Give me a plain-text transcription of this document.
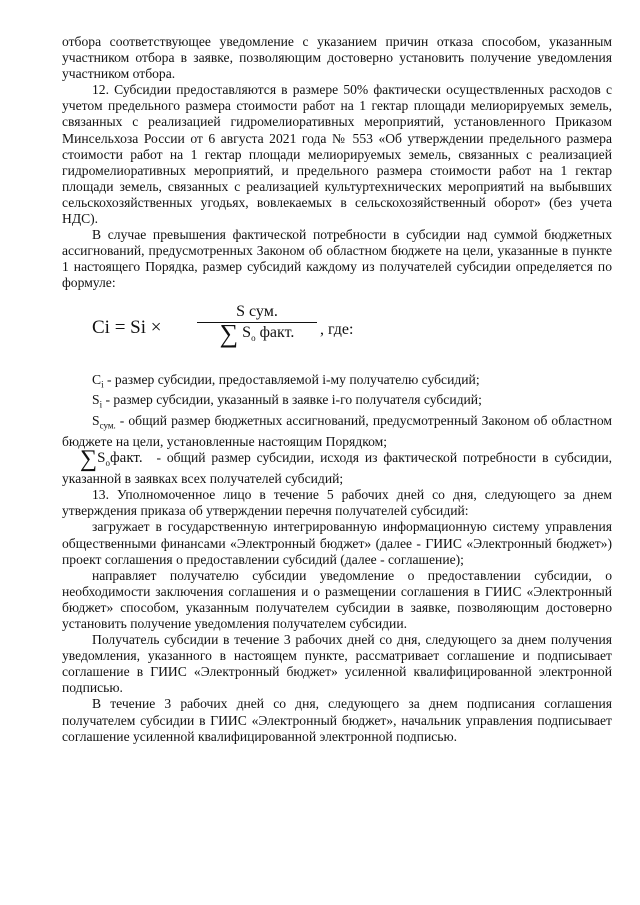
отбора соответствующее уведомление с указанием причин отказа способом, указанным участником отбора в заявке, позволяющим достоверно установить получение уведомления участником отбора.

12. Субсидии предоставляются в размере 50% фактически осуществленных расходов с учетом предельного размера стоимости работ на 1 гектар площади мелиорируемых земель, связанных с реализацией гидромелиоративных мероприятий, установленного Приказом Минсельхоза России от 6 августа 2021 года № 553 «Об утверждении предельного размера стоимости работ на 1 гектар площади мелиорируемых земель, связанных с реализацией гидромелиоративных мероприятий, и предельного размера стоимости работ на 1 гектар площади земель, связанных с реализацией культуртехнических мероприятий на выбывших сельскохозяйственных угодьях, вовлекаемых в сельскохозяйственный оборот» (без учета НДС).

В случае превышения фактической потребности в субсидии над суммой бюджетных ассигнований, предусмотренных Законом об областном бюджете на цели, указанные в пункте 1 настоящего Порядка, размер субсидий каждому из получателей субсидии определяется по формуле:

Ci = Si ×
S сум.
∑ $S_о$ факт.	, где:

$C_i$ - размер субсидии, предоставляемой i-му получателю субсидий;

$S_i$ - размер субсидии, указанный в заявке i-го получателя субсидий;

$S_{сум.}$ - общий размер бюджетных ассигнований, предусмотренный Законом об областном бюджете на цели, установленные настоящим Порядком;

$\sum S_офакт$. - общий размер субсидии, исходя из фактической потребности в субсидии, указанной в заявках всех получателей субсидий;

13. Уполномоченное лицо в течение 5 рабочих дней со дня, следующего за днем утверждения приказа об утверждении перечня получателей субсидий:

загружает в государственную интегрированную информационную систему управления общественными финансами «Электронный бюджет» (далее - ГИИС «Электронный бюджет») проект соглашения о предоставлении субсидий (далее - соглашение);

направляет получателю субсидии уведомление о предоставлении субсидии, о необходимости заключения соглашения и о размещении соглашения в ГИИС «Электронный бюджет» способом, указанным получателем субсидии в заявке, позволяющим достоверно установить получение уведомления получателем субсидии.

Получатель субсидии в течение 3 рабочих дней со дня, следующего за днем получения уведомления, указанного в настоящем пункте, рассматривает соглашение и подписывает соглашение в ГИИС «Электронный бюджет» усиленной квалифицированной электронной подписью.

В течение 3 рабочих дней со дня, следующего за днем подписания соглашения получателем субсидии в ГИИС «Электронный бюджет», начальник управления подписывает соглашение усиленной квалифицированной электронной подписью.
